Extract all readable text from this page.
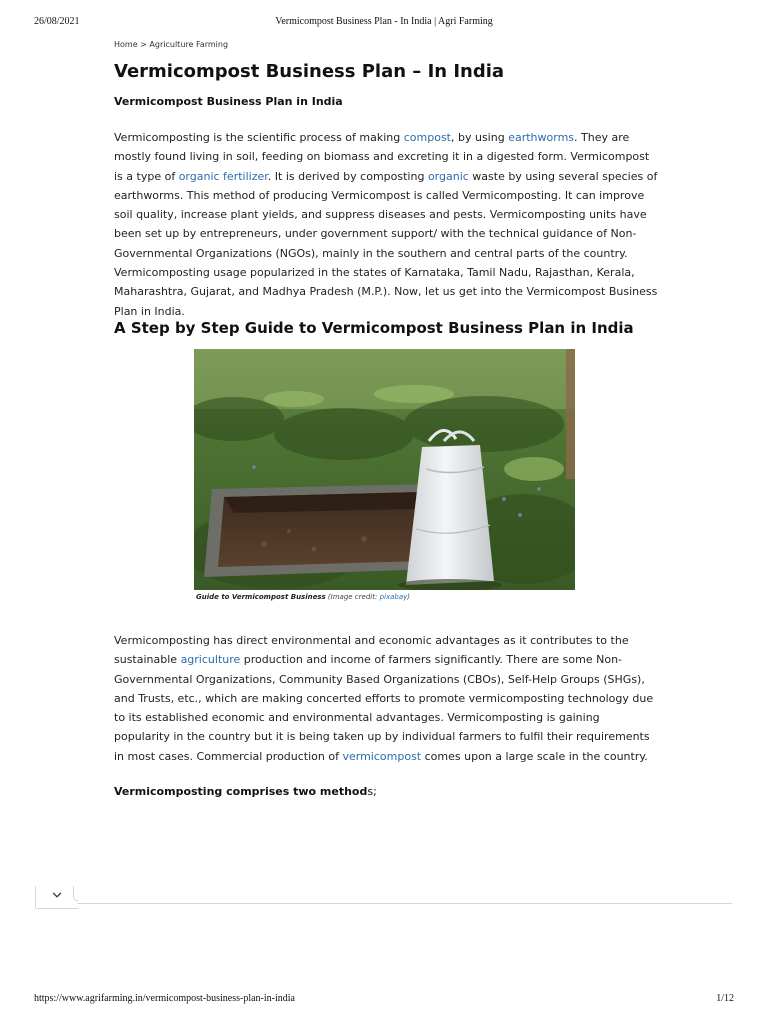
26/08/2021	Vermicompost Business Plan - In India | Agri Farming
Home > Agriculture Farming
Vermicompost Business Plan – In India
Vermicompost Business Plan in India

Vermicomposting is the scientific process of making compost, by using earthworms. They are mostly found living in soil, feeding on biomass and excreting it in a digested form. Vermicompost is a type of organic fertilizer. It is derived by composting organic waste by using several species of earthworms. This method of producing Vermicompost is called Vermicomposting. It can improve soil quality, increase plant yields, and suppress diseases and pests. Vermicomposting units have been set up by entrepreneurs, under government support/ with the technical guidance of Non-Governmental Organizations (NGOs), mainly in the southern and central parts of the country. Vermicomposting usage popularized in the states of Karnataka, Tamil Nadu, Rajasthan, Kerala, Maharashtra, Gujarat, and Madhya Pradesh (M.P.). Now, let us get into the Vermicompost Business Plan in India.

A Step by Step Guide to Vermicompost Business Plan in India
Guide to Vermicompost Business (Image credit: pixabay)

Vermicomposting has direct environmental and economic advantages as it contributes to the sustainable agriculture production and income of farmers significantly. There are some Non-Governmental Organizations, Community Based Organizations (CBOs), Self-Help Groups (SHGs), and Trusts, etc., which are making concerted efforts to promote vermicomposting technology due to its established economic and environmental advantages. Vermicomposting is gaining popularity in the country but it is being taken up by individual farmers to fulfil their requirements in most cases. Commercial production of vermicompost comes upon a large scale in the country.

Vermicomposting comprises two methods;
https://www.agrifarming.in/vermicompost-business-plan-in-india	1/12
